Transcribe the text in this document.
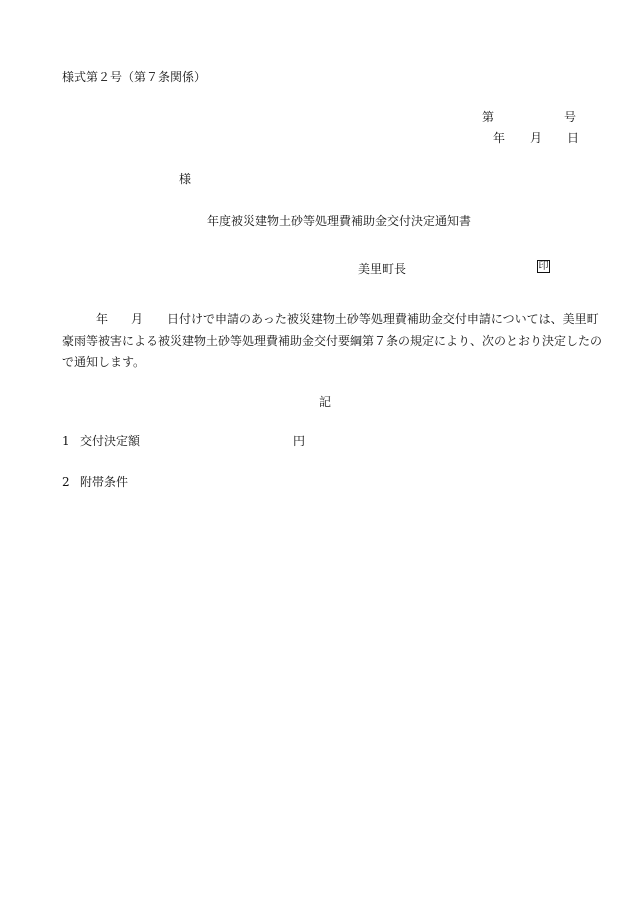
様式第２号（第７条関係）
第	号
年 月 日
様
年度被災建物土砂等処理費補助金交付決定通知書
美里町長	印
年 月 日付けで申請のあった被災建物土砂等処理費補助金交付申請については、美里町
豪雨等被害による被災建物土砂等処理費補助金交付要綱第７条の規定により、次のとおり決定したの
で通知します。
記
1 交付決定額	円
2 附帯条件
